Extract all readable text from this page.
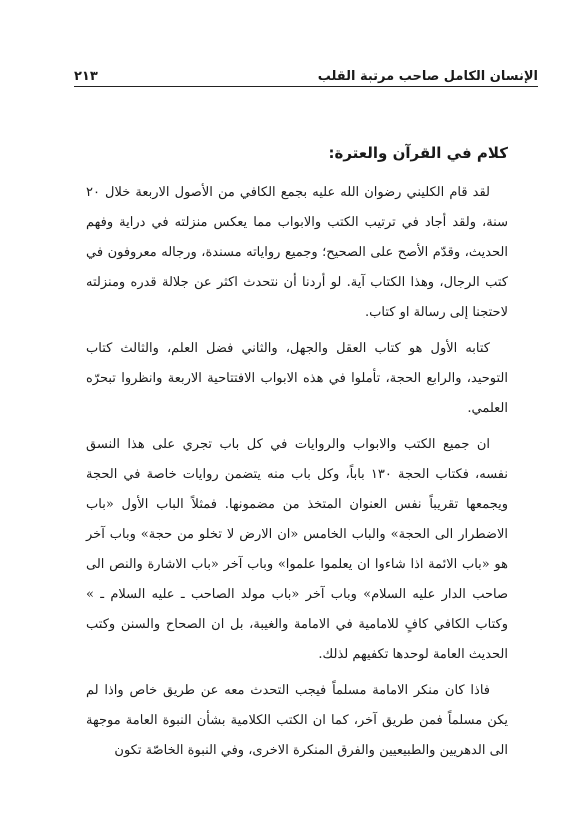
الإنسان الكامل صاحب مرتبة القلب
٢١٣
كلام في القرآن والعترة:

لقد قام الكليني رضوان الله عليه بجمع الكافي من الأصول الاربعة خلال ٢٠ سنة، ولقد أجاد في ترتيب الكتب والابواب مما يعكس منزلته في دراية وفهم الحديث، وقدّم الأصح على الصحيح؛ وجميع رواياته مسندة، ورجاله معروفون في كتب الرجال، وهذا الكتاب آية. لو أردنا أن نتحدث اكثر عن جلالة قدره ومنزلته لاحتجنا إلى رسالة او كتاب.

كتابه الأول هو كتاب العقل والجهل، والثاني فضل العلم، والثالث كتاب التوحيد، والرابع الحجة، تأملوا في هذه الابواب الافتتاحية الاربعة وانظروا تبحرّه العلمي.

ان جميع الكتب والابواب والروايات في كل باب تجري على هذا النسق نفسه، فكتاب الحجة ١٣٠ باباً، وكل باب منه يتضمن روايات خاصة في الحجة ويجمعها تقريباً نفس العنوان المتخذ من مضمونها. فمثلاً الباب الأول «باب الاضطرار الى الحجة» والباب الخامس «ان الارض لا تخلو من حجة» وباب آخر هو «باب الائمة اذا شاءوا ان يعلموا علموا» وباب آخر «باب الاشارة والنص الى صاحب الدار عليه السلام» وباب آخر «باب مولد الصاحب ـ عليه السلام ـ » وكتاب الكافي كافٍ للامامية في الامامة والغيبة، بل ان الصحاح والسنن وكتب الحديث العامة لوحدها تكفيهم لذلك.

فاذا كان منكر الامامة مسلماً فيجب التحدث معه عن طريق خاص واذا لم يكن مسلماً فمن طريق آخر، كما ان الكتب الكلامية بشأن النبوة العامة موجهة الى الدهريين والطبيعيين والفرق المنكرة الاخرى، وفي النبوة الخاصّة تكون
